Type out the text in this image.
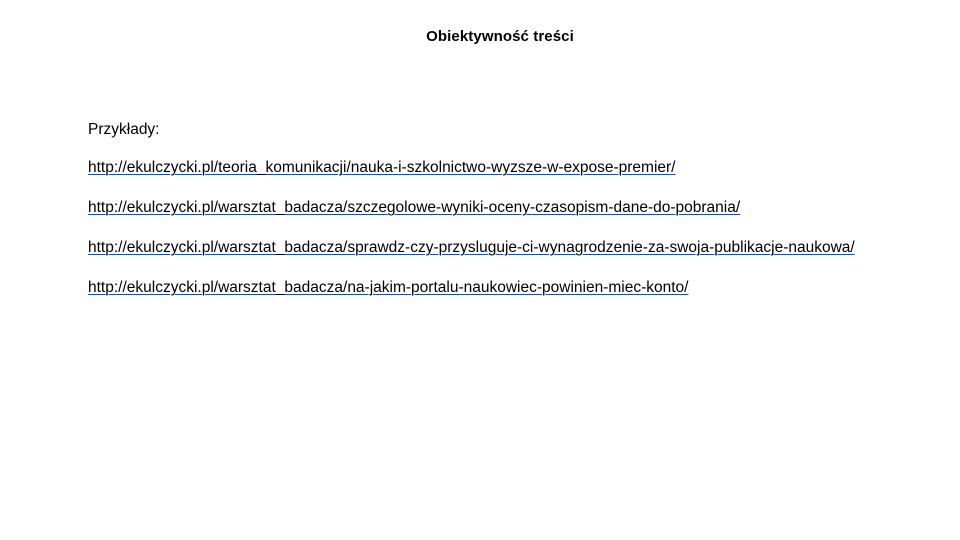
Obiektywność treści

Przykłady:

http://ekulczycki.pl/teoria_komunikacji/nauka-i-szkolnictwo-wyzsze-w-expose-premier/
http://ekulczycki.pl/warsztat_badacza/szczegolowe-wyniki-oceny-czasopism-dane-do-pobrania/
http://ekulczycki.pl/warsztat_badacza/sprawdz-czy-przysluguje-ci-wynagrodzenie-za-swoja-publikacje-naukowa/
http://ekulczycki.pl/warsztat_badacza/na-jakim-portalu-naukowiec-powinien-miec-konto/
